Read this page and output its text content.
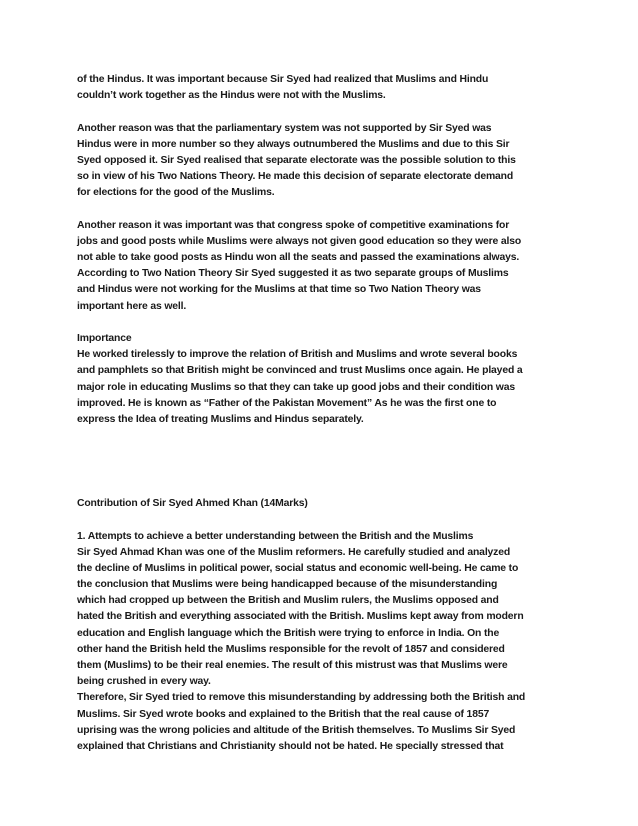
of the Hindus. It was important because Sir Syed had realized that Muslims and Hindu
couldn’t work together as the Hindus were not with the Muslims.
Another reason was that the parliamentary system was not supported by Sir Syed was
Hindus were in more number so they always outnumbered the Muslims and due to this Sir
Syed opposed it. Sir Syed realised that separate electorate was the possible solution to this
so in view of his Two Nations Theory. He made this decision of separate electorate demand
for elections for the good of the Muslims.
Another reason it was important was that congress spoke of competitive examinations for
jobs and good posts while Muslims were always not given good education so they were also
not able to take good posts as Hindu won all the seats and passed the examinations always.
According to Two Nation Theory Sir Syed suggested it as two separate groups of Muslims
and Hindus were not working for the Muslims at that time so Two Nation Theory was
important here as well.
Importance
He worked tirelessly to improve the relation of British and Muslims and wrote several books
and pamphlets so that British might be convinced and trust Muslims once again. He played a
major role in educating Muslims so that they can take up good jobs and their condition was
improved. He is known as “Father of the Pakistan Movement” As he was the first one to
express the Idea of treating Muslims and Hindus separately.
Contribution of Sir Syed Ahmed Khan (14Marks)
1. Attempts to achieve a better understanding between the British and the Muslims
Sir Syed Ahmad Khan was one of the Muslim reformers. He carefully studied and analyzed
the decline of Muslims in political power, social status and economic well-being. He came to
the conclusion that Muslims were being handicapped because of the misunderstanding
which had cropped up between the British and Muslim rulers, the Muslims opposed and
hated the British and everything associated with the British. Muslims kept away from modern
education and English language which the British were trying to enforce in India. On the
other hand the British held the Muslims responsible for the revolt of 1857 and considered
them (Muslims) to be their real enemies. The result of this mistrust was that Muslims were
being crushed in every way.
Therefore, Sir Syed tried to remove this misunderstanding by addressing both the British and
Muslims. Sir Syed wrote books and explained to the British that the real cause of 1857
uprising was the wrong policies and altitude of the British themselves. To Muslims Sir Syed
explained that Christians and Christianity should not be hated. He specially stressed that
